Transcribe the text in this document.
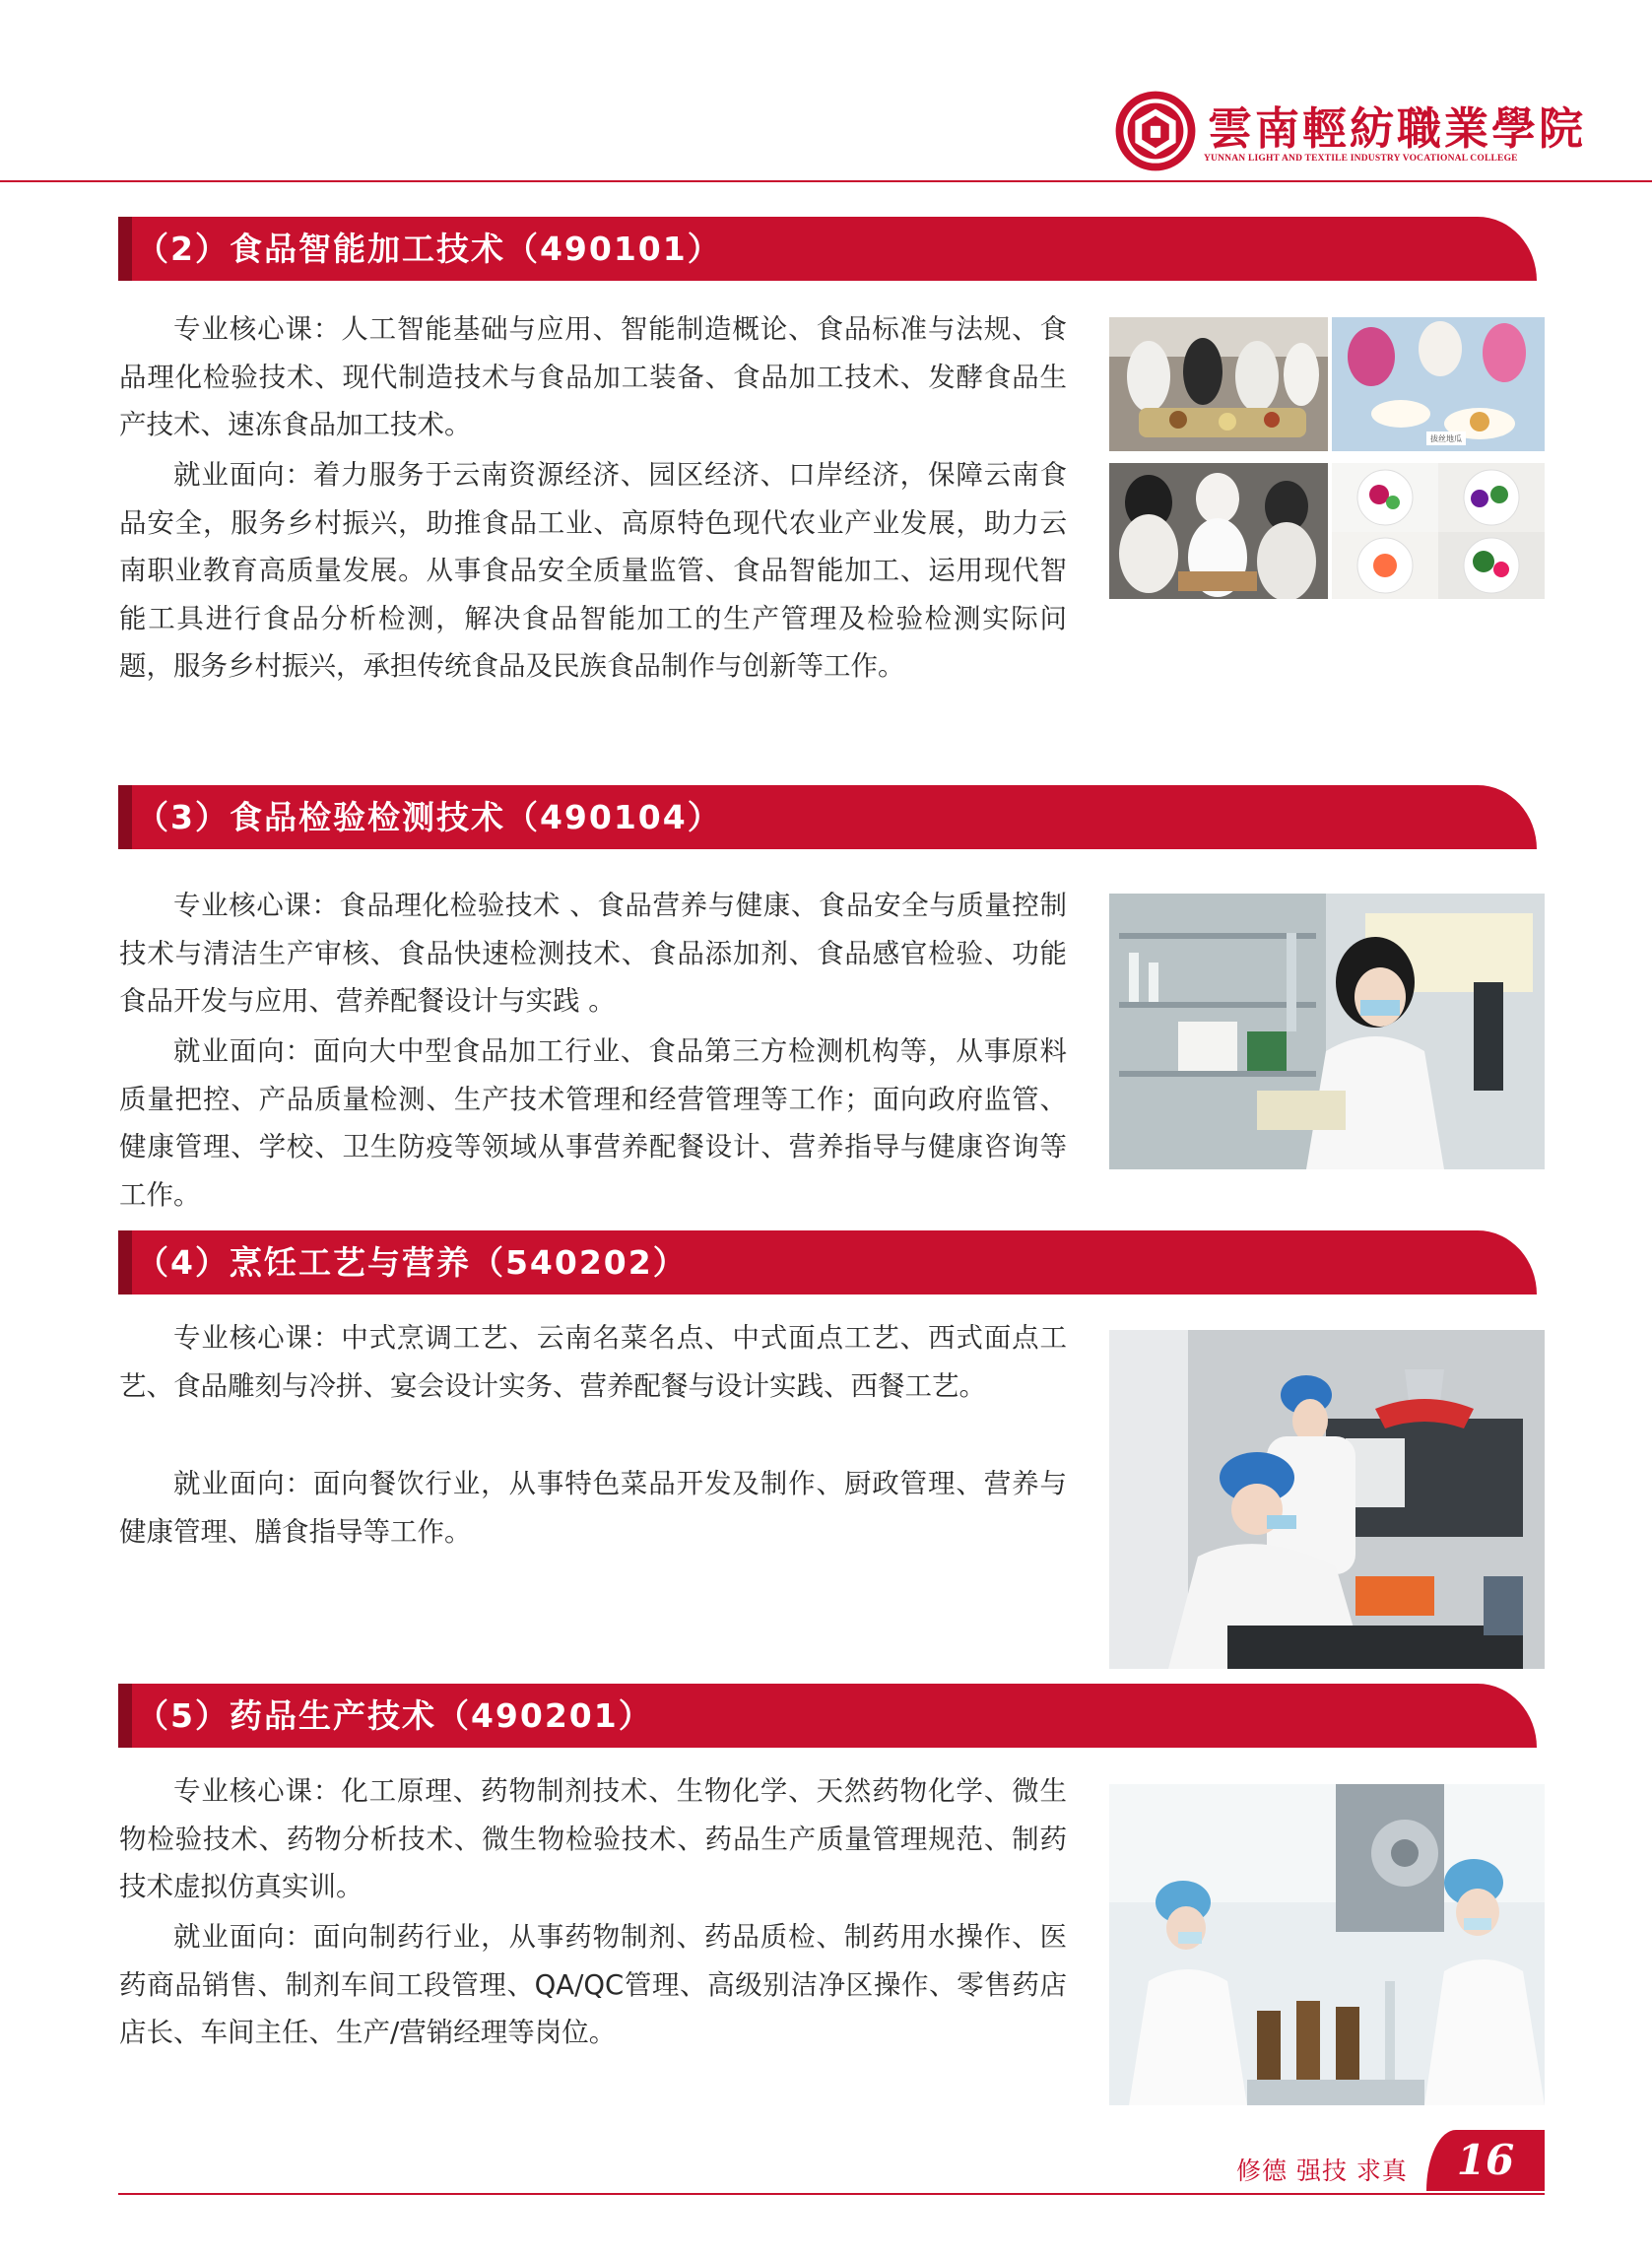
雲南輕紡職業學院
YUNNAN LIGHT AND TEXTILE INDUSTRY VOCATIONAL COLLEGE
（2）食品智能加工技术（490101）

专业核心课：人工智能基础与应用、智能制造概论、食品标准与法规、食品理化检验技术、现代制造技术与食品加工装备、食品加工技术、发酵食品生产技术、速冻食品加工技术。

就业面向：着力服务于云南资源经济、园区经济、口岸经济，保障云南食品安全，服务乡村振兴，助推食品工业、高原特色现代农业产业发展，助力云南职业教育高质量发展。从事食品安全质量监管、食品智能加工、运用现代智能工具进行食品分析检测，解决食品智能加工的生产管理及检验检测实际问题，服务乡村振兴，承担传统食品及民族食品制作与创新等工作。

拔丝地瓜
（3）食品检验检测技术（490104）

专业核心课：食品理化检验技术 、食品营养与健康、食品安全与质量控制技术与清洁生产审核、食品快速检测技术、食品添加剂、食品感官检验、功能食品开发与应用、营养配餐设计与实践 。

就业面向：面向大中型食品加工行业、食品第三方检测机构等，从事原料质量把控、产品质量检测、生产技术管理和经营管理等工作；面向政府监管、健康管理、学校、卫生防疫等领域从事营养配餐设计、营养指导与健康咨询等工作。

（4）烹饪工艺与营养（540202）

专业核心课：中式烹调工艺、云南名菜名点、中式面点工艺、西式面点工艺、食品雕刻与冷拼、宴会设计实务、营养配餐与设计实践、西餐工艺。

就业面向：面向餐饮行业，从事特色菜品开发及制作、厨政管理、营养与健康管理、膳食指导等工作。

（5）药品生产技术（490201）

专业核心课：化工原理、药物制剂技术、生物化学、天然药物化学、微生物检验技术、药物分析技术、微生物检验技术、药品生产质量管理规范、制药技术虚拟仿真实训。

就业面向：面向制药行业，从事药物制剂、药品质检、制药用水操作、医药商品销售、制剂车间工段管理、QA/QC管理、高级别洁净区操作、零售药店店长、车间主任、生产/营销经理等岗位。

修德 强技 求真	16
